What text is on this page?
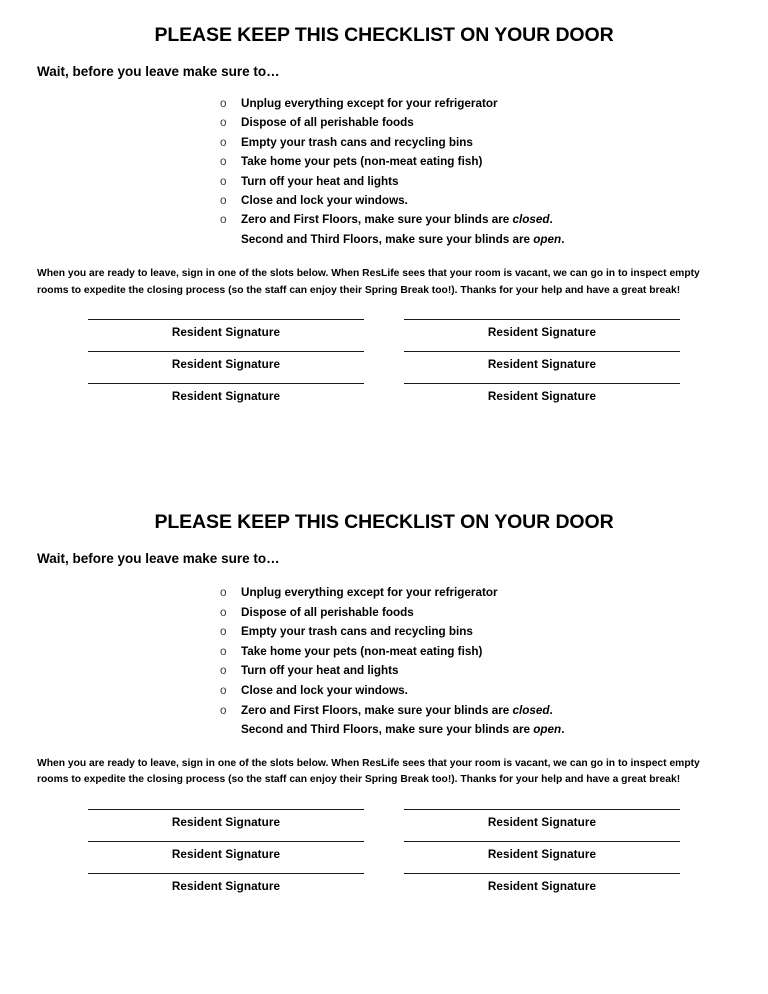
PLEASE KEEP THIS CHECKLIST ON YOUR DOOR

Wait, before you leave make sure to…

o Unplug everything except for your refrigerator
o Dispose of all perishable foods
o Empty your trash cans and recycling bins
o Take home your pets (non-meat eating fish)
o Turn off your heat and lights
o Close and lock your windows.
o Zero and First Floors, make sure your blinds are closed.
Second and Third Floors, make sure your blinds are open.

When you are ready to leave, sign in one of the slots below. When ResLife sees that your room is vacant, we can go in to inspect empty rooms to expedite the closing process (so the staff can enjoy their Spring Break too!). Thanks for your help and have a great break!

Resident Signature	Resident Signature
Resident Signature	Resident Signature
Resident Signature	Resident Signature
PLEASE KEEP THIS CHECKLIST ON YOUR DOOR

Wait, before you leave make sure to…

o Unplug everything except for your refrigerator
o Dispose of all perishable foods
o Empty your trash cans and recycling bins
o Take home your pets (non-meat eating fish)
o Turn off your heat and lights
o Close and lock your windows.
o Zero and First Floors, make sure your blinds are closed.
Second and Third Floors, make sure your blinds are open.

When you are ready to leave, sign in one of the slots below. When ResLife sees that your room is vacant, we can go in to inspect empty rooms to expedite the closing process (so the staff can enjoy their Spring Break too!). Thanks for your help and have a great break!

Resident Signature	Resident Signature
Resident Signature	Resident Signature
Resident Signature	Resident Signature
